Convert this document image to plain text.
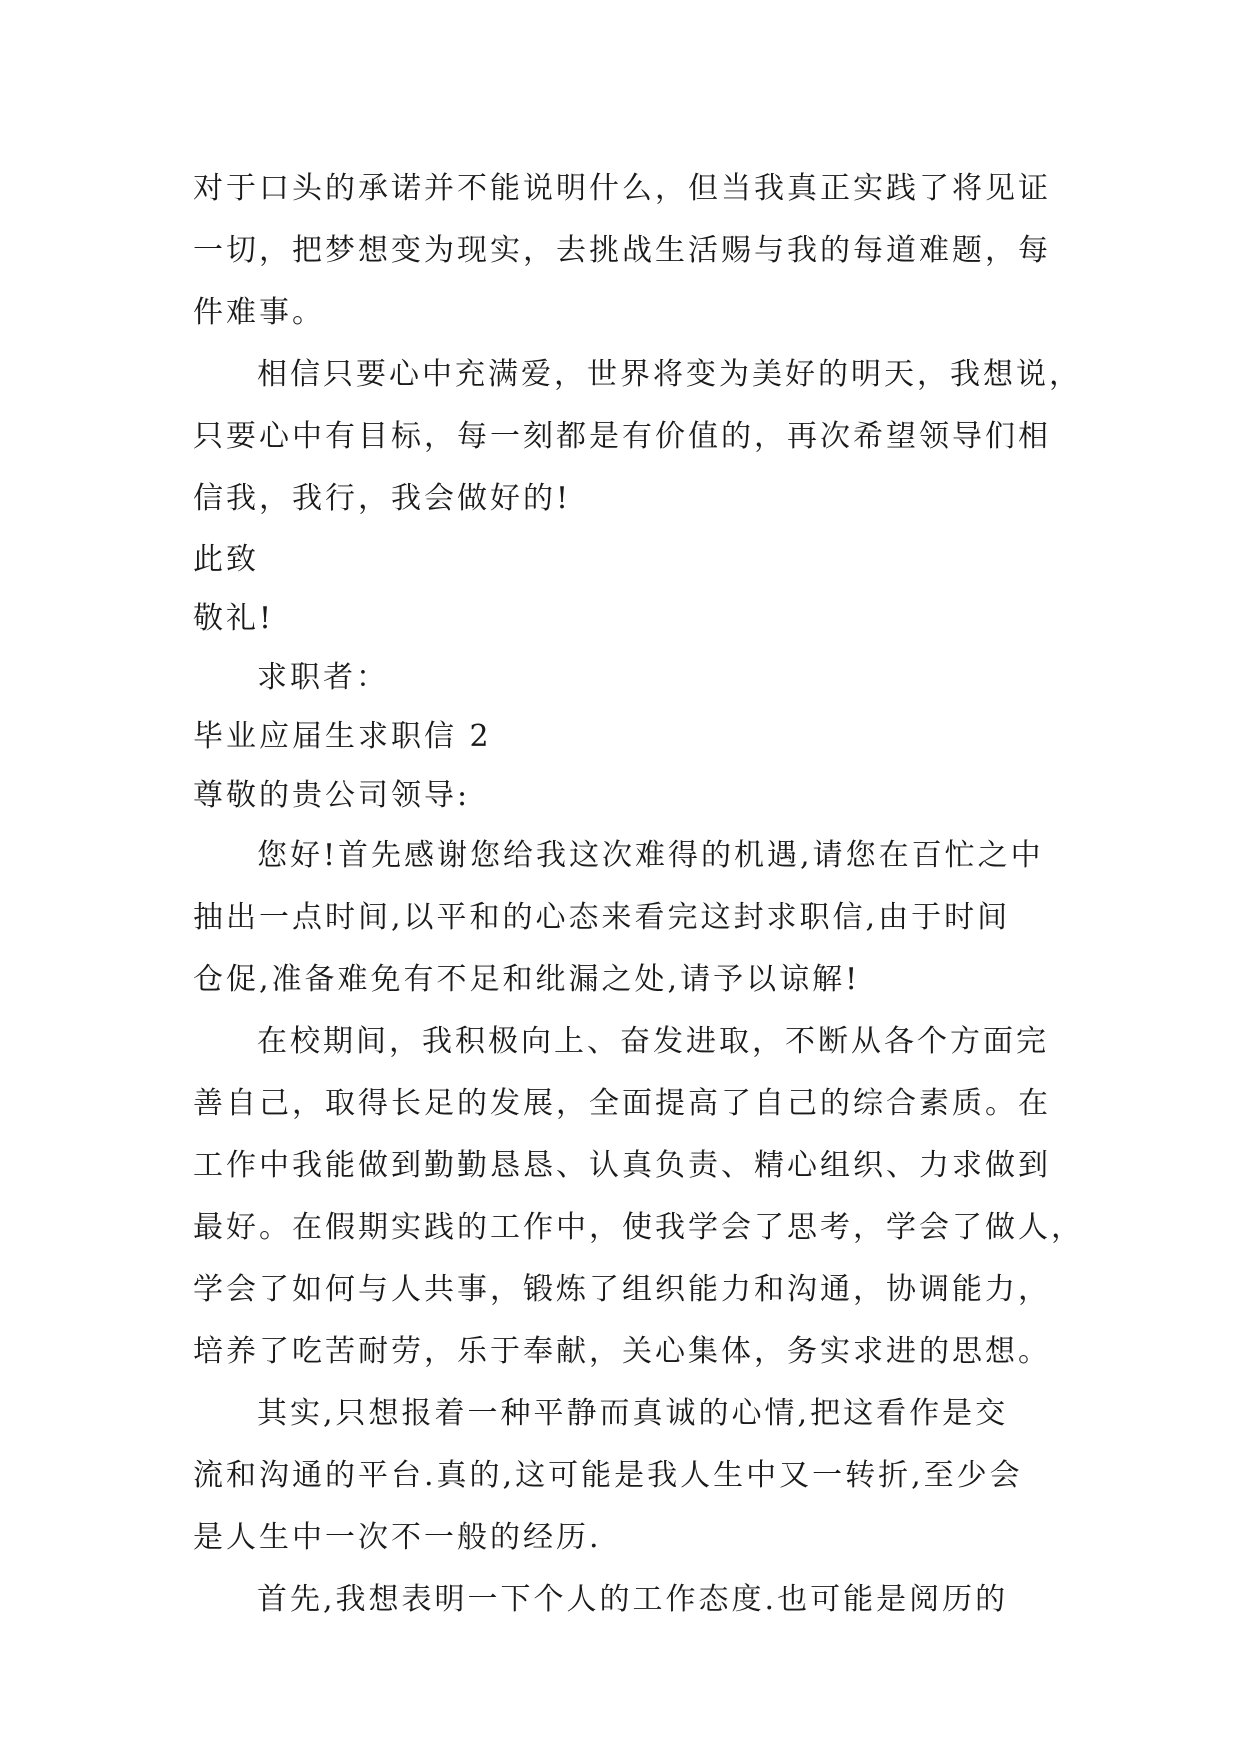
对于口头的承诺并不能说明什么，但当我真正实践了将见证
一切，把梦想变为现实，去挑战生活赐与我的每道难题，每
件难事。
相信只要心中充满爱，世界将变为美好的明天，我想说，
只要心中有目标，每一刻都是有价值的，再次希望领导们相
信我，我行，我会做好的!
此致
敬礼!
求职者：
毕业应届生求职信 2
尊敬的贵公司领导:
您好!首先感谢您给我这次难得的机遇,请您在百忙之中
抽出一点时间,以平和的心态来看完这封求职信,由于时间
仓促,准备难免有不足和纰漏之处,请予以谅解!
在校期间，我积极向上、奋发进取，不断从各个方面完
善自己，取得长足的发展，全面提高了自己的综合素质。在
工作中我能做到勤勤恳恳、认真负责、精心组织、力求做到
最好。在假期实践的工作中，使我学会了思考，学会了做人，
学会了如何与人共事，锻炼了组织能力和沟通，协调能力，
培养了吃苦耐劳，乐于奉献，关心集体，务实求进的思想。
其实,只想报着一种平静而真诚的心情,把这看作是交
流和沟通的平台.真的,这可能是我人生中又一转折,至少会
是人生中一次不一般的经历.
首先,我想表明一下个人的工作态度.也可能是阅历的
